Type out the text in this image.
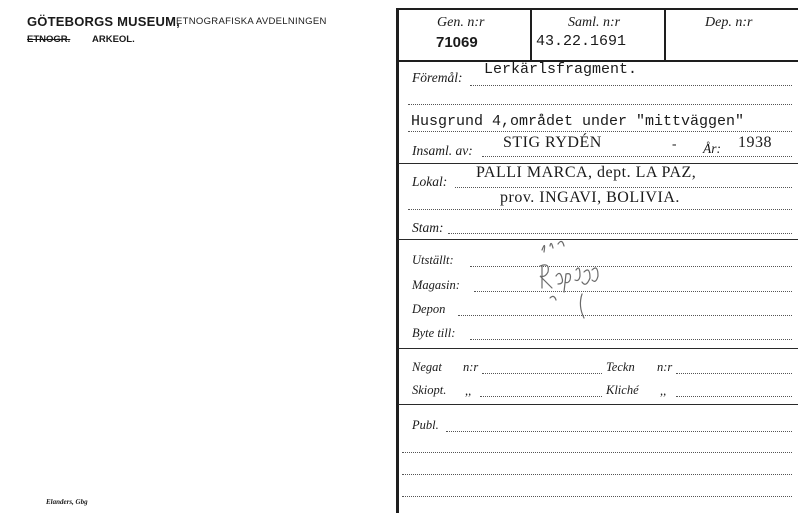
GÖTEBORGS MUSEUM,
ETNOGRAFISKA AVDELNINGEN
ETNOGR. ARKEOL.
Elanders, Gbg
Gen. n:r
71069
Saml. n:r
43.22.1691
Dep. n:r
Föremål: Lerkärlsfragment.
Husgrund 4,området under "mittväggen"
Insaml. av: STIG RYDÉN	- År: 1938
Lokal:
PALLI MARCA, dept. LA PAZ,
prov. INGAVI, BOLIVIA.
Stam:
Utställt:
Magasin:
Depon
Byte till:
Negat n:r	Teckn n:r
Skiopt. ,,	Kliché ,,
Publ.
